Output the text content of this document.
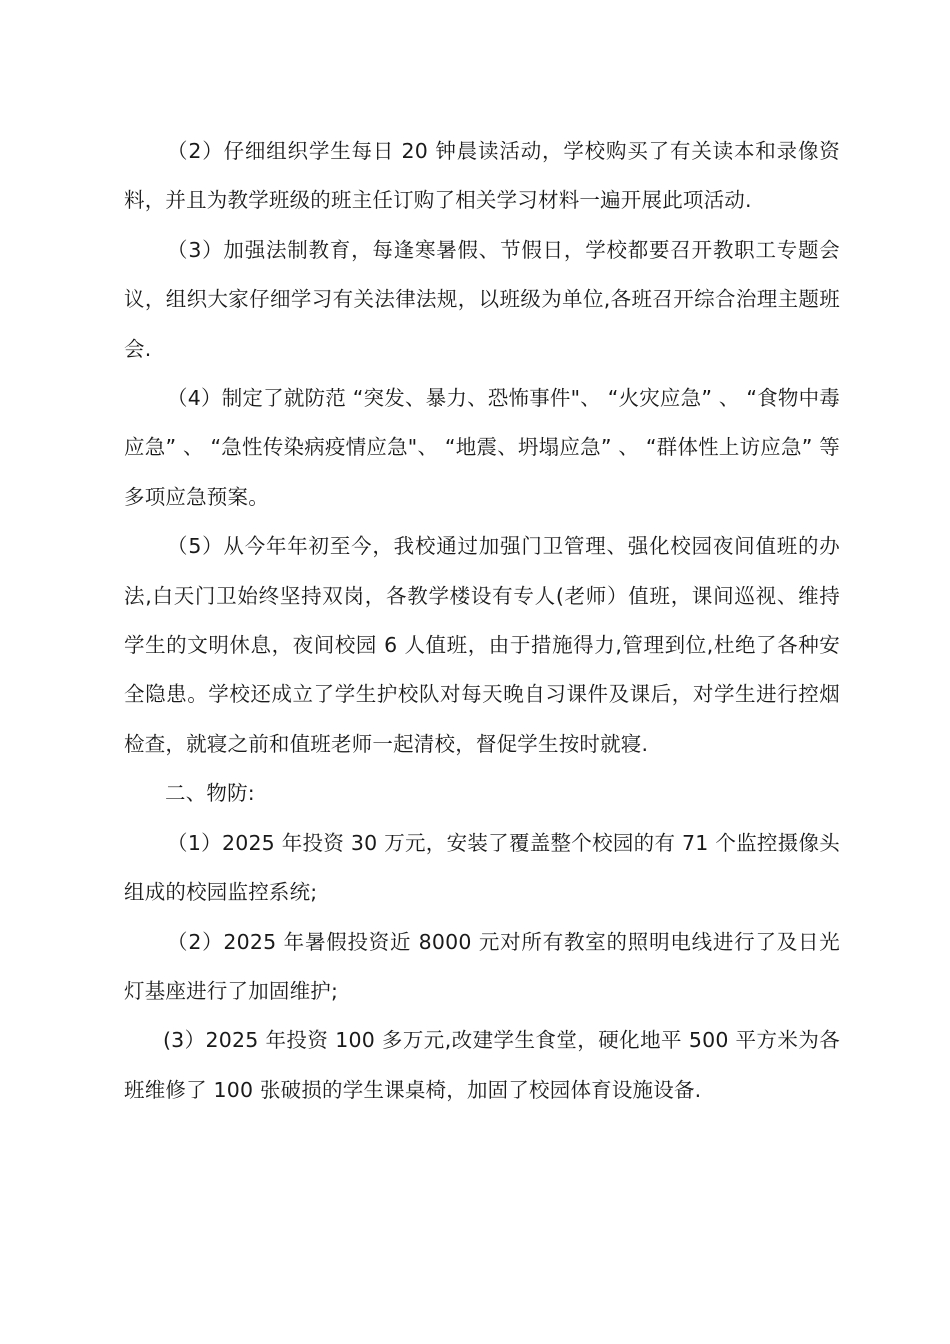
（2）仔细组织学生每日 20 钟晨读活动，学校购买了有关读本和录像资料，并且为教学班级的班主任订购了相关学习材料一遍开展此项活动.

（3）加强法制教育，每逢寒暑假、节假日，学校都要召开教职工专题会议，组织大家仔细学习有关法律法规，以班级为单位,各班召开综合治理主题班会.

（4）制定了就防范 “突发、暴力、恐怖事件"、 “火灾应急” 、 “食物中毒应急” 、 “急性传染病疫情应急"、 “地震、坍塌应急” 、 “群体性上访应急” 等多项应急预案。

（5）从今年年初至今，我校通过加强门卫管理、强化校园夜间值班的办法,白天门卫始终坚持双岗，各教学楼设有专人(老师）值班，课间巡视、维持学生的文明休息，夜间校园 6 人值班，由于措施得力,管理到位,杜绝了各种安全隐患。学校还成立了学生护校队对每天晚自习课件及课后，对学生进行控烟检查，就寝之前和值班老师一起清校，督促学生按时就寝.

二、物防:

（1）2025 年投资 30 万元，安装了覆盖整个校园的有 71 个监控摄像头组成的校园监控系统;

（2）2025 年暑假投资近 8000 元对所有教室的照明电线进行了及日光灯基座进行了加固维护;

(3）2025 年投资 100 多万元,改建学生食堂，硬化地平 500 平方米为各班维修了 100 张破损的学生课桌椅，加固了校园体育设施设备.
